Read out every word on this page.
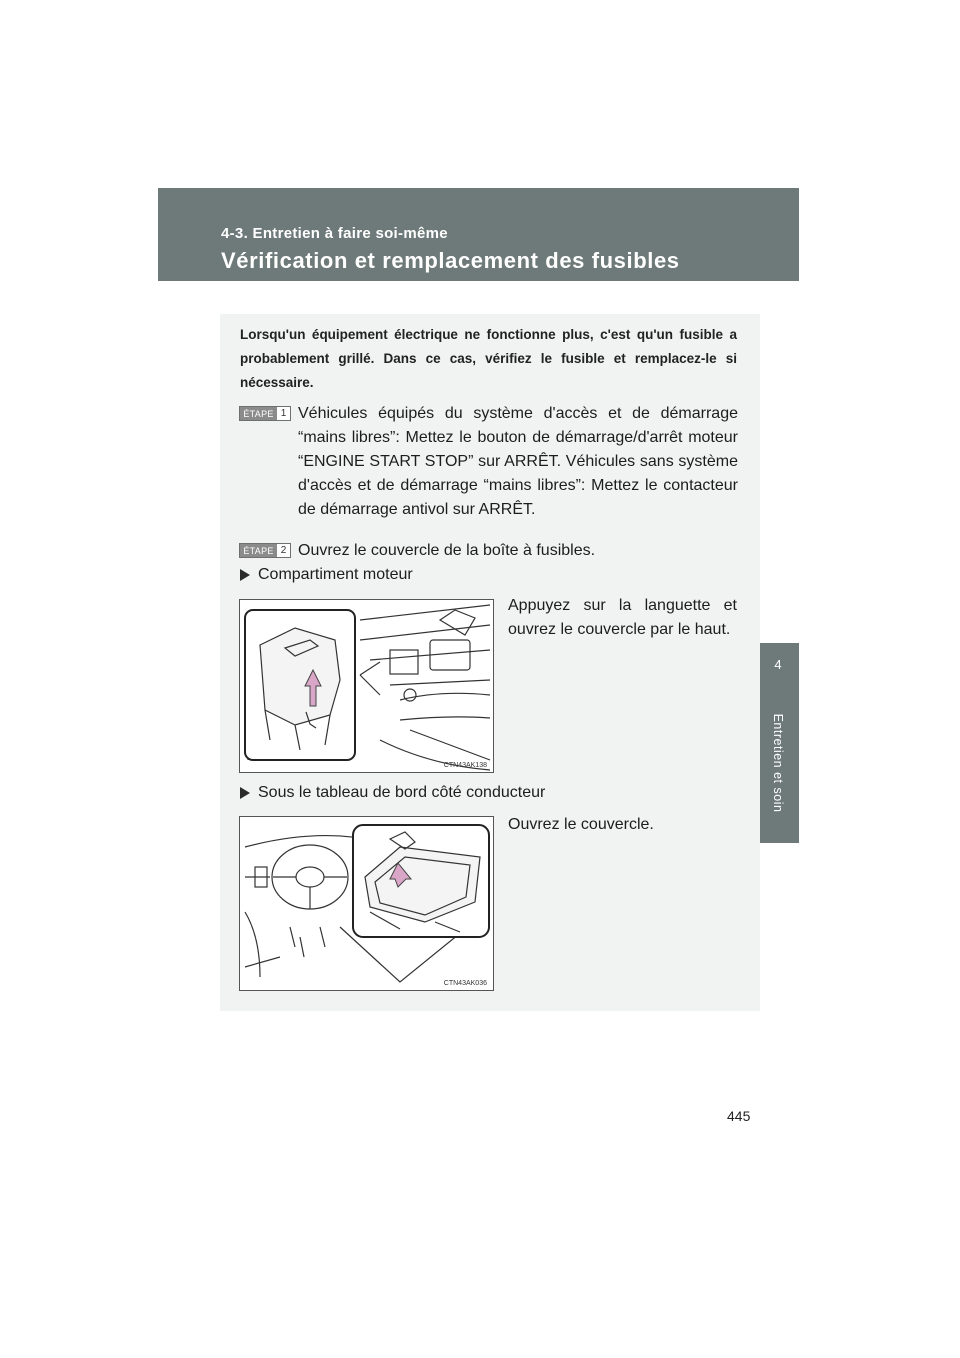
4-3. Entretien à faire soi-même
Vérification et remplacement des fusibles
4
Entretien et soin
Lorsqu'un équipement électrique ne fonctionne plus, c'est qu'un fusible a probablement grillé. Dans ce cas, vérifiez le fusible et remplacez-le si nécessaire.
ÉTAPE 1 Véhicules équipés du système d'accès et de démarrage “mains libres”: Mettez le bouton de démarrage/d'arrêt moteur “ENGINE START STOP” sur ARRÊT. Véhicules sans système d'accès et de démarrage “mains libres”: Mettez le contacteur de démarrage antivol sur ARRÊT.
ÉTAPE 2 Ouvrez le couvercle de la boîte à fusibles.
Compartiment moteur
CTN43AK138
Appuyez sur la languette et ouvrez le couvercle par le haut.
Sous le tableau de bord côté conducteur
CTN43AK036
Ouvrez le couvercle.
445
